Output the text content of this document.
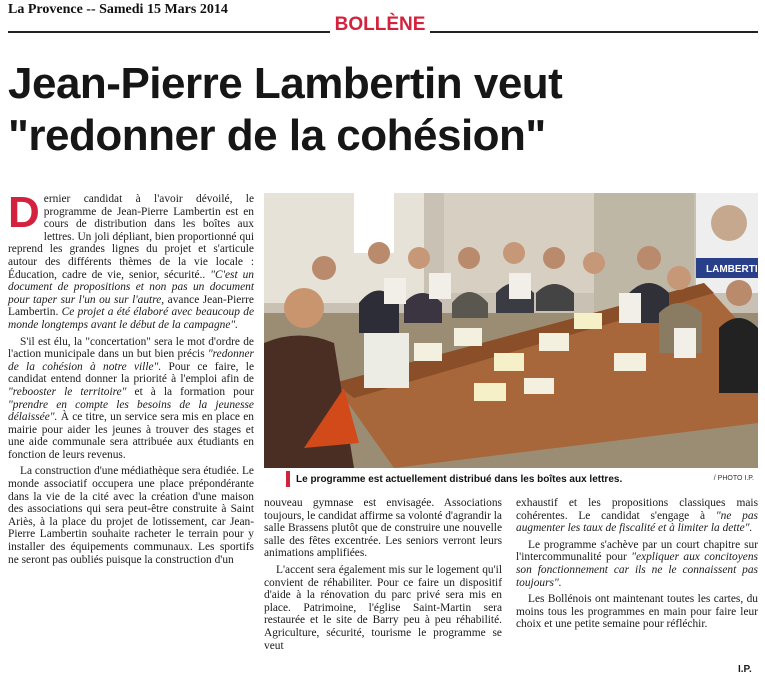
La Provence -- Samedi 15 Mars 2014
BOLLÈNE
Jean-Pierre Lambertin veut
"redonner de la cohésion"

Dernier candidat à l'avoir dévoilé, le programme de Jean-Pierre Lambertin est en cours de distribution dans les boîtes aux lettres. Un joli dépliant, bien proportionné qui reprend les grandes lignes du projet et s'articule autour des différents thèmes de la vie locale : Éducation, cadre de vie, senior, sécurité.. "C'est un document de propositions et non pas un document pour taper sur l'un ou sur l'autre, avance Jean-Pierre Lambertin. Ce projet a été élaboré avec beaucoup de monde longtemps avant le début de la campagne".

S'il est élu, la "concertation" sera le mot d'ordre de l'action municipale dans un but bien précis "redonner de la cohésion à notre ville". Pour ce faire, le candidat entend donner la priorité à l'emploi afin de "rebooster le territoire" et à la formation pour "prendre en compte les besoins de la jeunesse délaissée". À ce titre, un service sera mis en place en mairie pour aider les jeunes à trouver des stages et une aide communale sera attribuée aux étudiants en fonction de leurs revenus.

La construction d'une médiathèque sera étudiée. Le monde associatif occupera une place prépondérante dans la vie de la cité avec la création d'une maison des associations qui sera peut-être construite à Saint Ariès, à la place du projet de lotissement, car Jean-Pierre Lambertin souhaite racheter le terrain pour y installer des équipements communaux. Les sportifs ne seront pas oubliés puisque la construction d'un

LAMBERTIN
Le programme est actuellement distribué dans les boîtes aux lettres.	/ PHOTO I.P.

nouveau gymnase est envisagée. Associations toujours, le candidat affirme sa volonté d'agrandir la salle Brassens plutôt que de construire une nouvelle salle des fêtes excentrée. Les seniors verront leurs animations amplifiées.

L'accent sera également mis sur le logement qu'il convient de réhabiliter. Pour ce faire un dispositif d'aide à la rénovation du parc privé sera mis en place. Patrimoine, l'église Saint-Martin sera restaurée et le site de Barry peu à peu réhabilité. Agriculture, sécurité, tourisme le programme se veut

exhaustif et les propositions classiques mais cohérentes. Le candidat s'engage à "ne pas augmenter les taux de fiscalité et à limiter la dette".

Le programme s'achève par un court chapitre sur l'intercommunalité pour "expliquer aux concitoyens son fonctionnement car ils ne le connaissent pas toujours".

Les Bollénois ont maintenant toutes les cartes, du moins tous les programmes en main pour faire leur choix et une petite semaine pour réfléchir.

I.P.
